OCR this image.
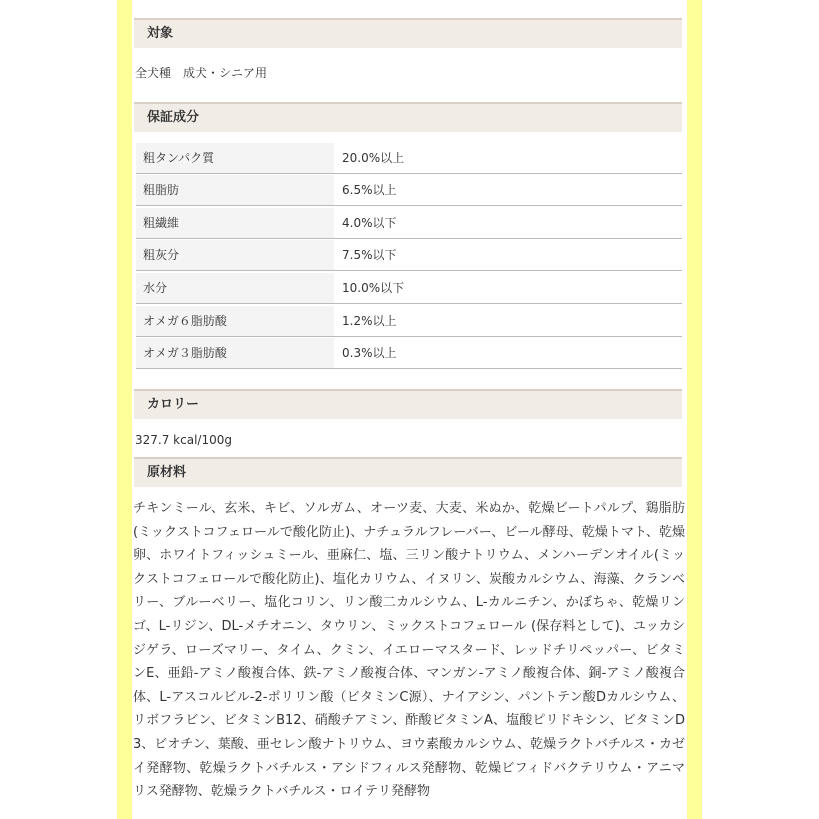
対象
全犬種　成犬・シニア用
保証成分
粗タンパク質	20.0%以上
粗脂肪	6.5%以上
粗繊維	4.0%以下
粗灰分	7.5%以下
水分	10.0%以下
オメガ６脂肪酸	1.2%以上
オメガ３脂肪酸	0.3%以上
カロリー
327.7 kcal/100g
原材料
チキンミール、玄米、キビ、ソルガム、オーツ麦、大麦、米ぬか、乾燥ビートパルプ、鶏脂肪(ミックストコフェロールで酸化防止)、ナチュラルフレーバー、ビール酵母、乾燥トマト、乾燥卵、ホワイトフィッシュミール、亜麻仁、塩、三リン酸ナトリウム、メンハーデンオイル(ミックストコフェロールで酸化防止)、塩化カリウム、イヌリン、炭酸カルシウム、海藻、クランベリー、ブルーベリー、塩化コリン、リン酸二カルシウム、L-カルニチン、かぼちゃ、乾燥リンゴ、L-リジン、DL-メチオニン、タウリン、ミックストコフェロール (保存料として)、ユッカシジゲラ、ローズマリー、タイム、クミン、イエローマスタード、レッドチリペッパー、ビタミンE、亜鉛-アミノ酸複合体、鉄-アミノ酸複合体、マンガン-アミノ酸複合体、銅-アミノ酸複合体、L-アスコルビル-2-ポリリン酸（ビタミンC源）、ナイアシン、パントテン酸Dカルシウム、リボフラビン、ビタミンB12、硝酸チアミン、酢酸ビタミンA、塩酸ピリドキシン、ビタミンD3、ビオチン、葉酸、亜セレン酸ナトリウム、ヨウ素酸カルシウム、乾燥ラクトバチルス・カゼイ発酵物、乾燥ラクトバチルス・アシドフィルス発酵物、乾燥ビフィドバクテリウム・アニマリス発酵物、乾燥ラクトバチルス・ロイテリ発酵物
